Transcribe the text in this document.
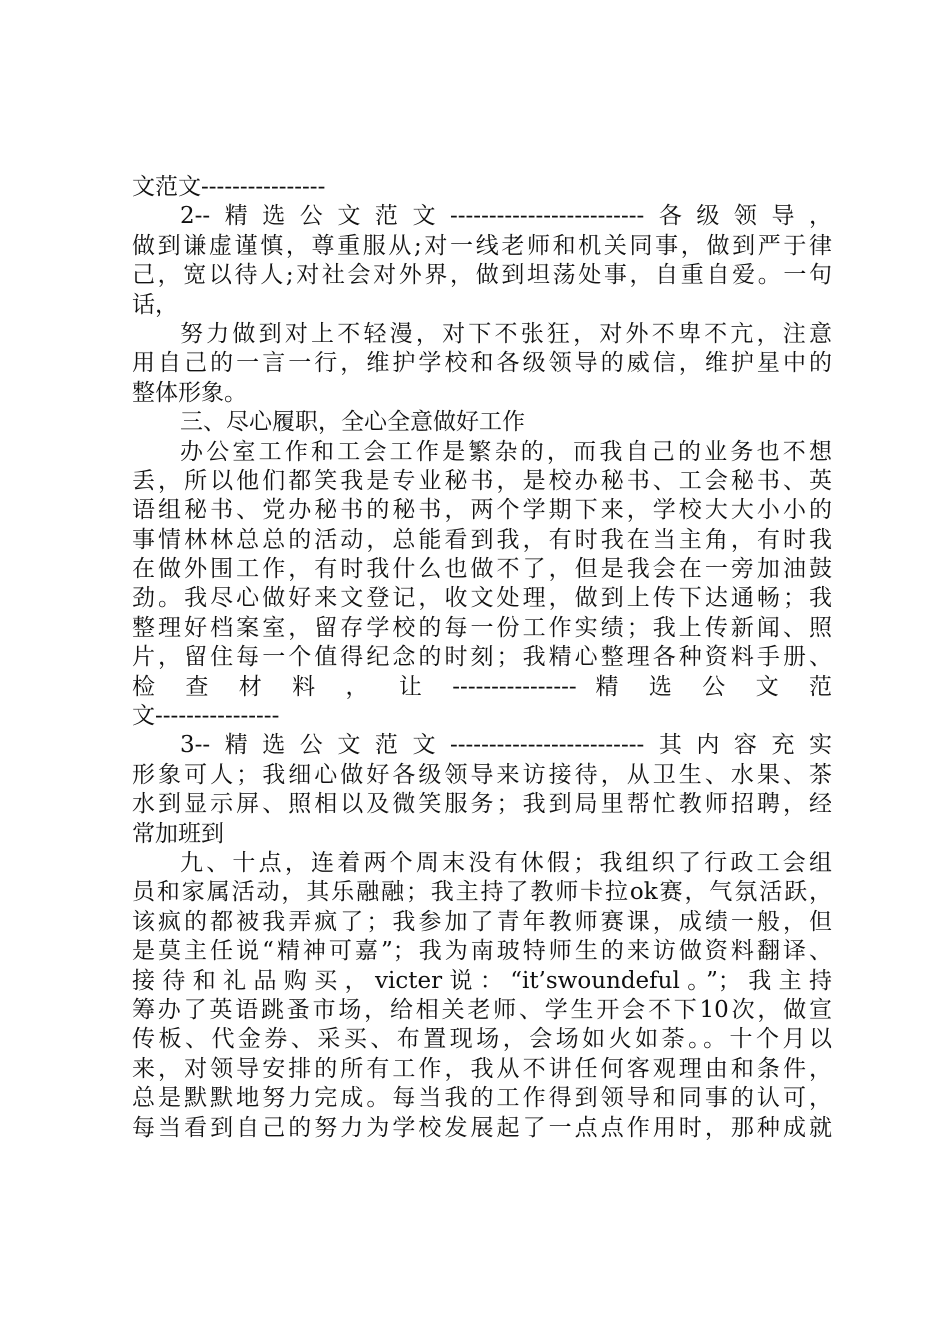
文范文----------------
2--精选公文范文-------------------------各级领导，
做到谦虚谨慎，尊重服从;对一线老师和机关同事，做到严于律
己，宽以待人;对社会对外界，做到坦荡处事，自重自爱。一句
话，
努力做到对上不轻漫，对下不张狂，对外不卑不亢，注意
用自己的一言一行，维护学校和各级领导的威信，维护星中的
整体形象。
三、尽心履职，全心全意做好工作
办公室工作和工会工作是繁杂的，而我自己的业务也不想
丢，所以他们都笑我是专业秘书，是校办秘书、工会秘书、英
语组秘书、党办秘书的秘书，两个学期下来，学校大大小小的
事情林林总总的活动，总能看到我，有时我在当主角，有时我
在做外围工作，有时我什么也做不了，但是我会在一旁加油鼓
劲。我尽心做好来文登记，收文处理，做到上传下达通畅；我
整理好档案室，留存学校的每一份工作实绩；我上传新闻、照
片，留住每一个值得纪念的时刻；我精心整理各种资料手册、
检 查 材 料 ， 让 ---------------- 精 选 公 文 范
文----------------
3--精选公文范文-------------------------其内容充实
形象可人；我细心做好各级领导来访接待，从卫生、水果、茶
水到显示屏、照相以及微笑服务；我到局里帮忙教师招聘，经
常加班到
九、十点，连着两个周末没有休假；我组织了行政工会组
员和家属活动，其乐融融；我主持了教师卡拉ok赛，气氛活跃，
该疯的都被我弄疯了；我参加了青年教师赛课，成绩一般，但
是莫主任说“精神可嘉”；我为南玻特师生的来访做资料翻译、
接待和礼品购买，victer说：“it’swoundeful。”；我主持
筹办了英语跳蚤市场，给相关老师、学生开会不下10次，做宣
传板、代金券、采买、布置现场，会场如火如荼。。十个月以
来，对领导安排的所有工作，我从不讲任何客观理由和条件，
总是默默地努力完成。每当我的工作得到领导和同事的认可，
每当看到自己的努力为学校发展起了一点点作用时，那种成就
